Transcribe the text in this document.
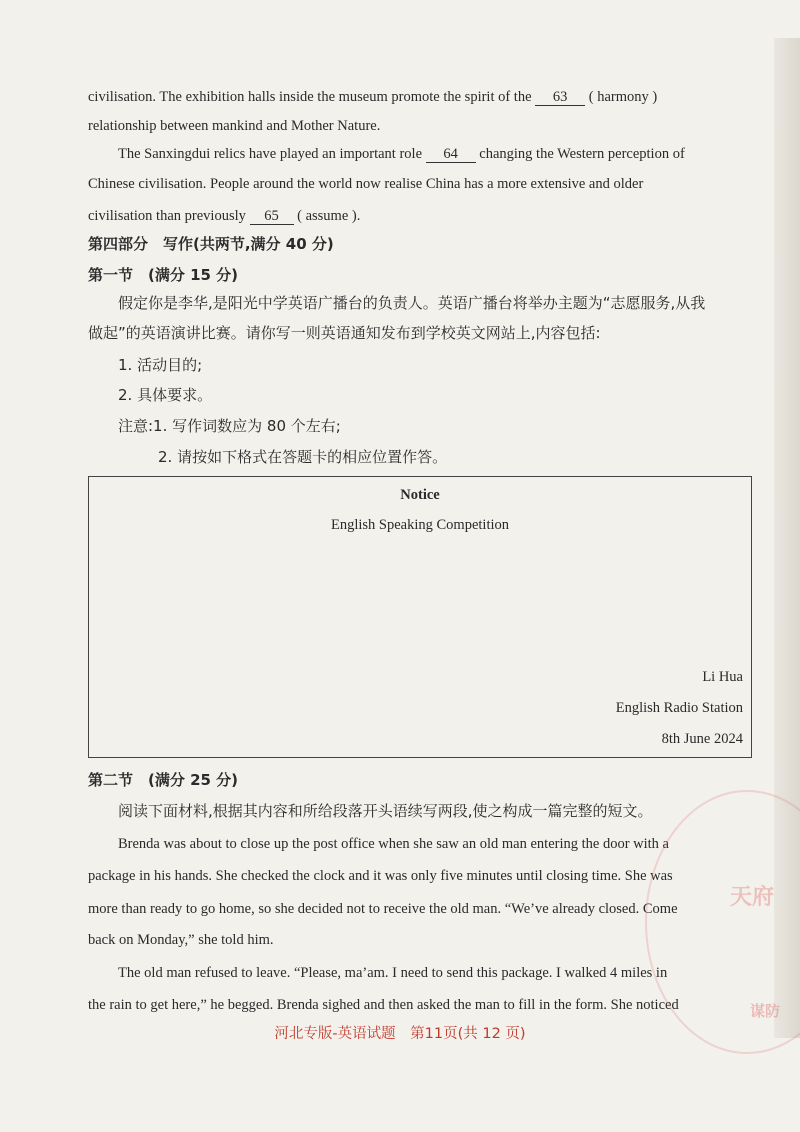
civilisation. The exhibition halls inside the museum promote the spirit of the 63 ( harmony )
relationship between mankind and Mother Nature.
The Sanxingdui relics have played an important role 64 changing the Western perception of
Chinese civilisation. People around the world now realise China has a more extensive and older
civilisation than previously 65 ( assume ).
第四部分　写作(共两节,满分 40 分)
第一节　(满分 15 分)
假定你是李华,是阳光中学英语广播台的负责人。英语广播台将举办主题为“志愿服务,从我
做起”的英语演讲比赛。请你写一则英语通知发布到学校英文网站上,内容包括:
1. 活动目的;
2. 具体要求。
注意:1. 写作词数应为 80 个左右;
2. 请按如下格式在答题卡的相应位置作答。
Notice
English Speaking Competition
Li Hua
English Radio Station
8th June 2024
第二节　(满分 25 分)
阅读下面材料,根据其内容和所给段落开头语续写两段,使之构成一篇完整的短文。
Brenda was about to close up the post office when she saw an old man entering the door with a
package in his hands. She checked the clock and it was only five minutes until closing time. She was
more than ready to go home, so she decided not to receive the old man. “We’ve already closed. Come
back on Monday,” she told him.
The old man refused to leave. “Please, ma’am. I need to send this package. I walked 4 miles in
the rain to get here,” he begged. Brenda sighed and then asked the man to fill in the form. She noticed
天府
谋防
河北专版-英语试题　第11页(共 12 页)
